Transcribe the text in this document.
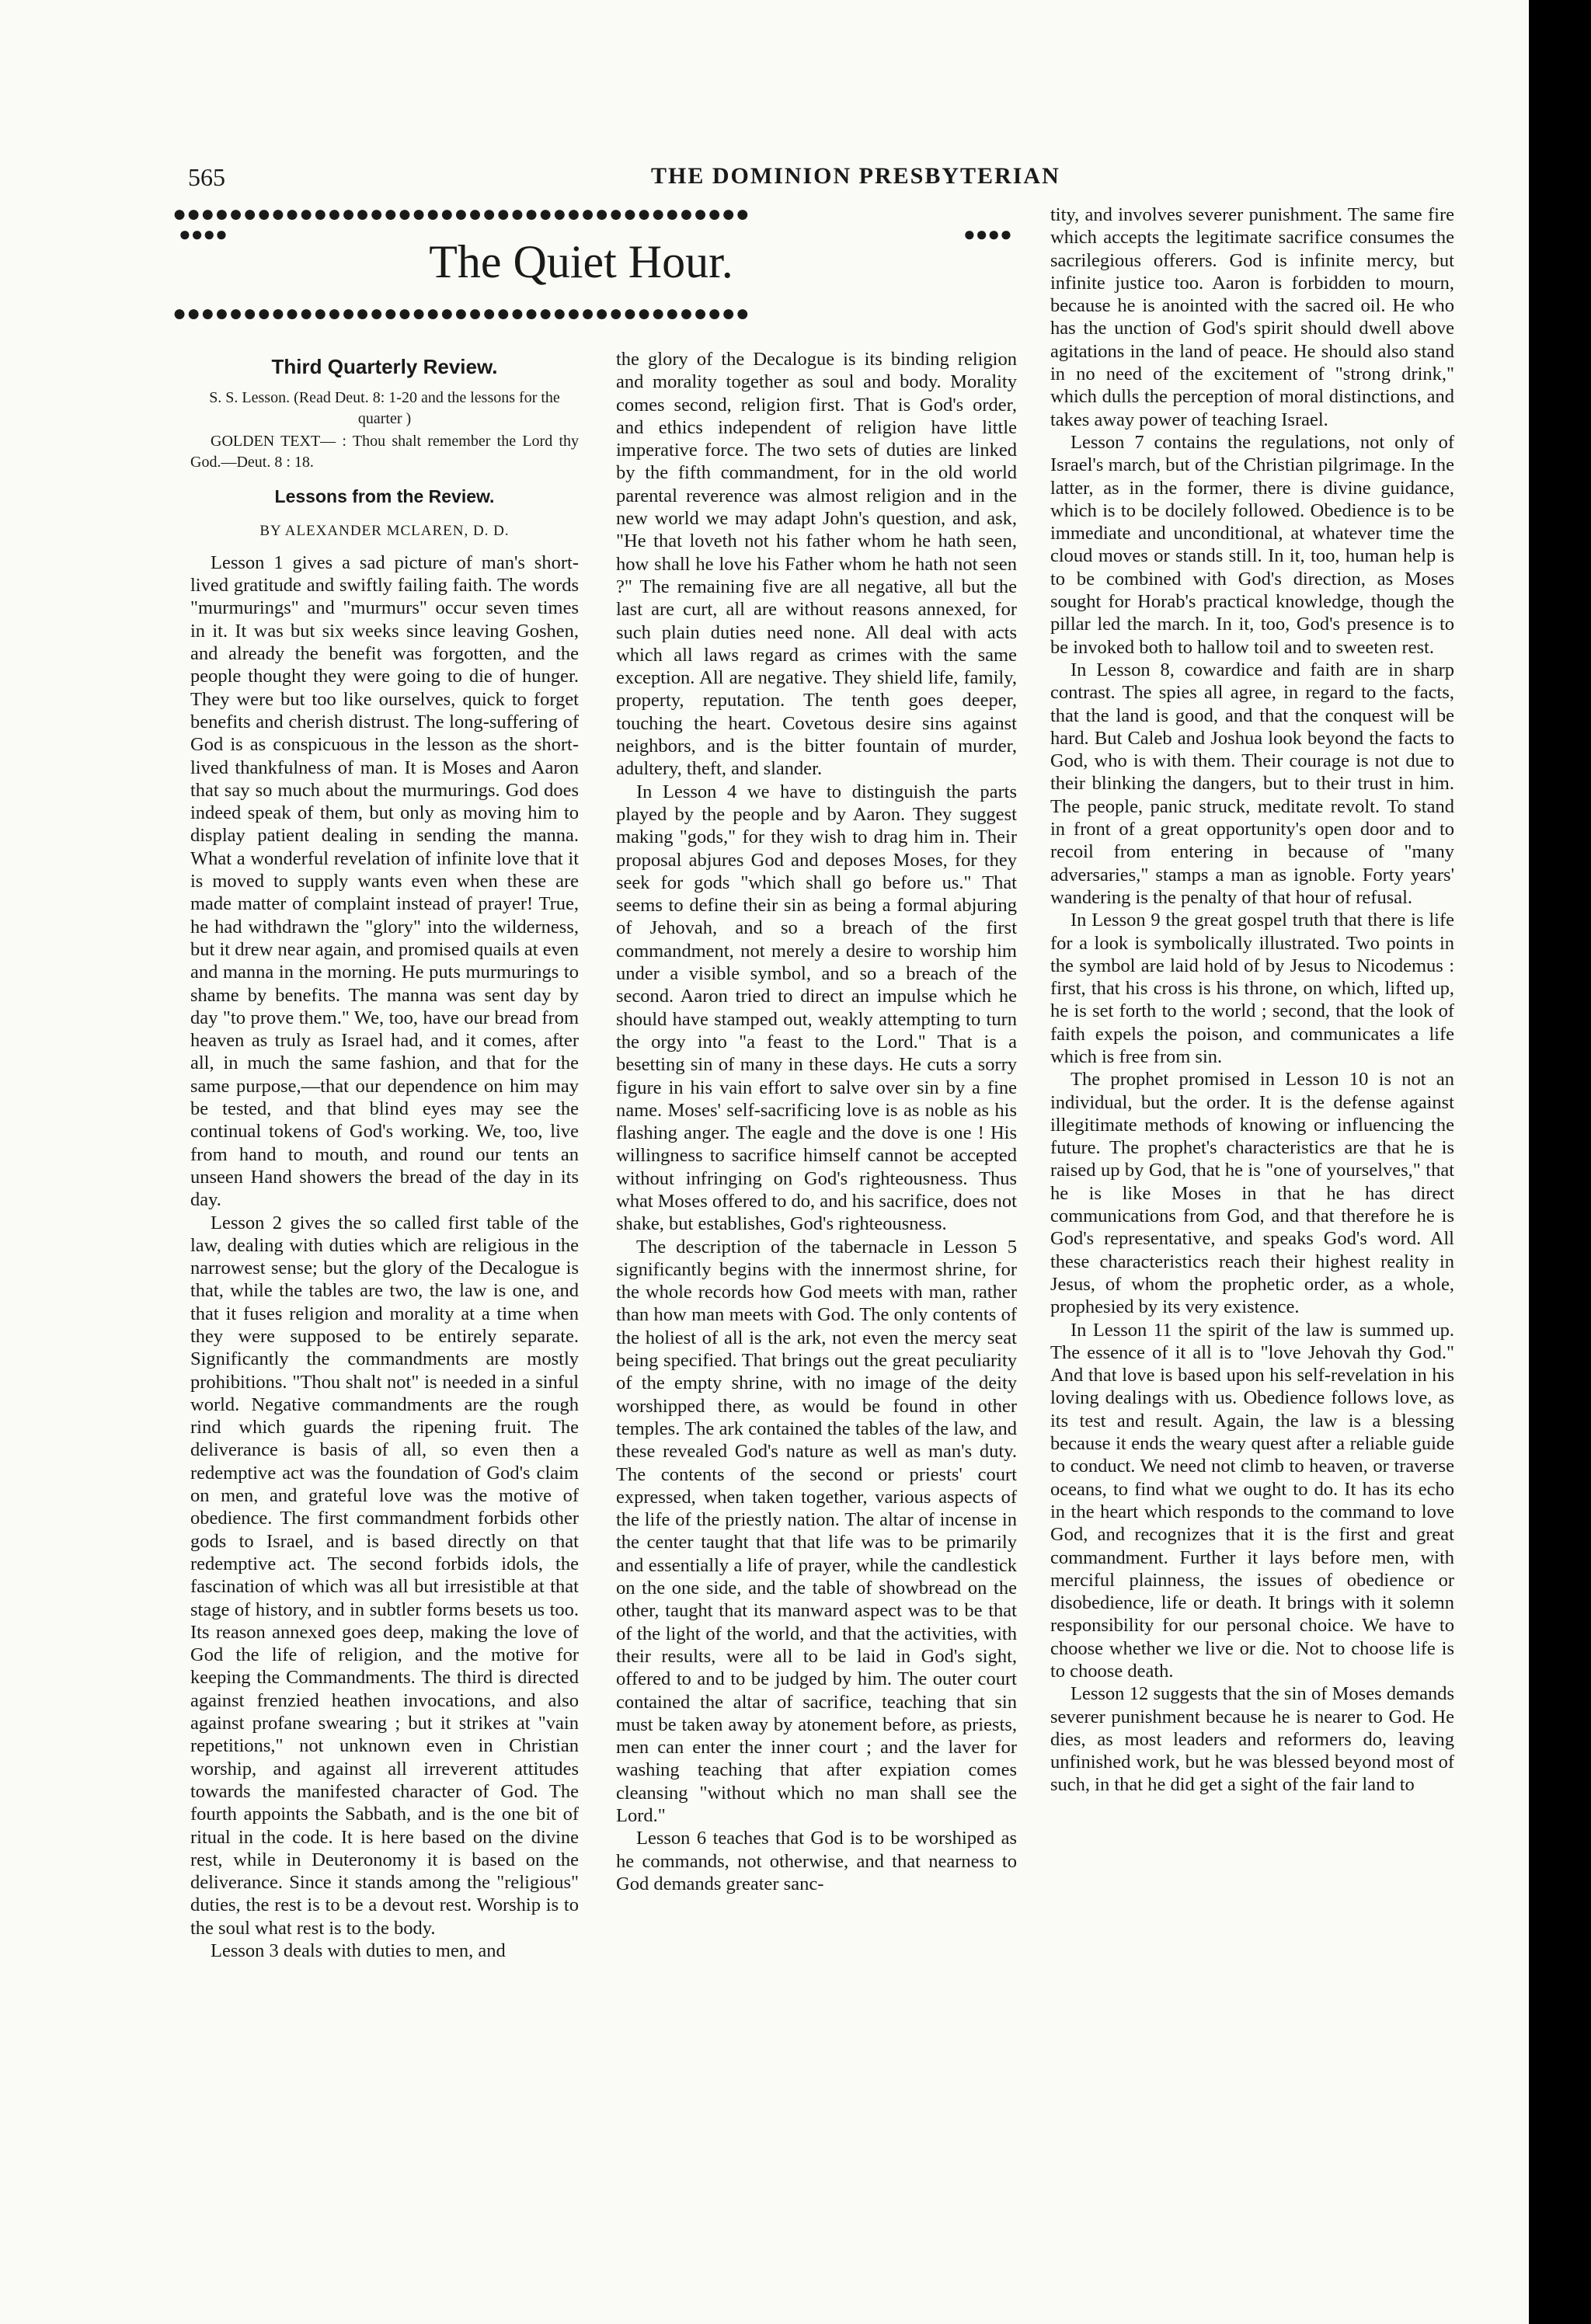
565	THE DOMINION PRESBYTERIAN
●●●●●●●●●●●●●●●●●●●●●●●●●●●●●●●●●●●●●●●●●
●●●●	●●●●
The Quiet Hour.
●●●●●●●●●●●●●●●●●●●●●●●●●●●●●●●●●●●●●●●●●
Third Quarterly Review.
S. S. Lesson. (Read Deut. 8: 1-20 and the lessons for the quarter )
GOLDEN TEXT— : Thou shalt remember the Lord thy God.—Deut. 8 : 18.
Lessons from the Review.
BY ALEXANDER MCLAREN, D. D.

Lesson 1 gives a sad picture of man's short-lived gratitude and swiftly failing faith. The words "murmurings" and "murmurs" occur seven times in it. It was but six weeks since leaving Goshen, and already the benefit was forgotten, and the people thought they were going to die of hunger. They were but too like ourselves, quick to forget benefits and cherish distrust. The long-suffering of God is as conspicuous in the lesson as the short-lived thankfulness of man. It is Moses and Aaron that say so much about the murmurings. God does indeed speak of them, but only as moving him to display patient dealing in sending the manna. What a wonderful revelation of infinite love that it is moved to supply wants even when these are made matter of complaint instead of prayer! True, he had withdrawn the "glory" into the wilderness, but it drew near again, and promised quails at even and manna in the morning. He puts murmurings to shame by benefits. The manna was sent day by day "to prove them." We, too, have our bread from heaven as truly as Israel had, and it comes, after all, in much the same fashion, and that for the same purpose,—that our dependence on him may be tested, and that blind eyes may see the continual tokens of God's working. We, too, live from hand to mouth, and round our tents an unseen Hand showers the bread of the day in its day.

Lesson 2 gives the so called first table of the law, dealing with duties which are religious in the narrowest sense; but the glory of the Decalogue is that, while the tables are two, the law is one, and that it fuses religion and morality at a time when they were supposed to be entirely separate. Significantly the commandments are mostly prohibitions. "Thou shalt not" is needed in a sinful world. Negative commandments are the rough rind which guards the ripening fruit. The deliverance is basis of all, so even then a redemptive act was the foundation of God's claim on men, and grateful love was the motive of obedience. The first commandment forbids other gods to Israel, and is based directly on that redemptive act. The second forbids idols, the fascination of which was all but irresistible at that stage of history, and in subtler forms besets us too. Its reason annexed goes deep, making the love of God the life of religion, and the motive for keeping the Commandments. The third is directed against frenzied heathen invocations, and also against profane swearing ; but it strikes at "vain repetitions," not unknown even in Christian worship, and against all irreverent attitudes towards the manifested character of God. The fourth appoints the Sabbath, and is the one bit of ritual in the code. It is here based on the divine rest, while in Deuteronomy it is based on the deliverance. Since it stands among the "religious" duties, the rest is to be a devout rest. Worship is to the soul what rest is to the body.

Lesson 3 deals with duties to men, and

the glory of the Decalogue is its binding religion and morality together as soul and body. Morality comes second, religion first. That is God's order, and ethics independent of religion have little imperative force. The two sets of duties are linked by the fifth commandment, for in the old world parental reverence was almost religion and in the new world we may adapt John's question, and ask, "He that loveth not his father whom he hath seen, how shall he love his Father whom he hath not seen ?" The remaining five are all negative, all but the last are curt, all are without reasons annexed, for such plain duties need none. All deal with acts which all laws regard as crimes with the same exception. All are negative. They shield life, family, property, reputation. The tenth goes deeper, touching the heart. Covetous desire sins against neighbors, and is the bitter fountain of murder, adultery, theft, and slander.

In Lesson 4 we have to distinguish the parts played by the people and by Aaron. They suggest making "gods," for they wish to drag him in. Their proposal abjures God and deposes Moses, for they seek for gods "which shall go before us." That seems to define their sin as being a formal abjuring of Jehovah, and so a breach of the first commandment, not merely a desire to worship him under a visible symbol, and so a breach of the second. Aaron tried to direct an impulse which he should have stamped out, weakly attempting to turn the orgy into "a feast to the Lord." That is a besetting sin of many in these days. He cuts a sorry figure in his vain effort to salve over sin by a fine name. Moses' self-sacrificing love is as noble as his flashing anger. The eagle and the dove is one ! His willingness to sacrifice himself cannot be accepted without infringing on God's righteousness. Thus what Moses offered to do, and his sacrifice, does not shake, but establishes, God's righteousness.

The description of the tabernacle in Lesson 5 significantly begins with the innermost shrine, for the whole records how God meets with man, rather than how man meets with God. The only contents of the holiest of all is the ark, not even the mercy seat being specified. That brings out the great peculiarity of the empty shrine, with no image of the deity worshipped there, as would be found in other temples. The ark contained the tables of the law, and these revealed God's nature as well as man's duty. The contents of the second or priests' court expressed, when taken together, various aspects of the life of the priestly nation. The altar of incense in the center taught that that life was to be primarily and essentially a life of prayer, while the candlestick on the one side, and the table of showbread on the other, taught that its manward aspect was to be that of the light of the world, and that the activities, with their results, were all to be laid in God's sight, offered to and to be judged by him. The outer court contained the altar of sacrifice, teaching that sin must be taken away by atonement before, as priests, men can enter the inner court ; and the laver for washing teaching that after expiation comes cleansing "without which no man shall see the Lord."

Lesson 6 teaches that God is to be worshiped as he commands, not otherwise, and that nearness to God demands greater sanc-

tity, and involves severer punishment. The same fire which accepts the legitimate sacrifice consumes the sacrilegious offerers. God is infinite mercy, but infinite justice too. Aaron is forbidden to mourn, because he is anointed with the sacred oil. He who has the unction of God's spirit should dwell above agitations in the land of peace. He should also stand in no need of the excitement of "strong drink," which dulls the perception of moral distinctions, and takes away power of teaching Israel.

Lesson 7 contains the regulations, not only of Israel's march, but of the Christian pilgrimage. In the latter, as in the former, there is divine guidance, which is to be docilely followed. Obedience is to be immediate and unconditional, at whatever time the cloud moves or stands still. In it, too, human help is to be combined with God's direction, as Moses sought for Horab's practical knowledge, though the pillar led the march. In it, too, God's presence is to be invoked both to hallow toil and to sweeten rest.

In Lesson 8, cowardice and faith are in sharp contrast. The spies all agree, in regard to the facts, that the land is good, and that the conquest will be hard. But Caleb and Joshua look beyond the facts to God, who is with them. Their courage is not due to their blinking the dangers, but to their trust in him. The people, panic struck, meditate revolt. To stand in front of a great opportunity's open door and to recoil from entering in because of "many adversaries," stamps a man as ignoble. Forty years' wandering is the penalty of that hour of refusal.

In Lesson 9 the great gospel truth that there is life for a look is symbolically illustrated. Two points in the symbol are laid hold of by Jesus to Nicodemus : first, that his cross is his throne, on which, lifted up, he is set forth to the world ; second, that the look of faith expels the poison, and communicates a life which is free from sin.

The prophet promised in Lesson 10 is not an individual, but the order. It is the defense against illegitimate methods of knowing or influencing the future. The prophet's characteristics are that he is raised up by God, that he is "one of yourselves," that he is like Moses in that he has direct communications from God, and that therefore he is God's representative, and speaks God's word. All these characteristics reach their highest reality in Jesus, of whom the prophetic order, as a whole, prophesied by its very existence.

In Lesson 11 the spirit of the law is summed up. The essence of it all is to "love Jehovah thy God." And that love is based upon his self-revelation in his loving dealings with us. Obedience follows love, as its test and result. Again, the law is a blessing because it ends the weary quest after a reliable guide to conduct. We need not climb to heaven, or traverse oceans, to find what we ought to do. It has its echo in the heart which responds to the command to love God, and recognizes that it is the first and great commandment. Further it lays before men, with merciful plainness, the issues of obedience or disobedience, life or death. It brings with it solemn responsibility for our personal choice. We have to choose whether we live or die. Not to choose life is to choose death.

Lesson 12 suggests that the sin of Moses demands severer punishment because he is nearer to God. He dies, as most leaders and reformers do, leaving unfinished work, but he was blessed beyond most of such, in that he did get a sight of the fair land to
